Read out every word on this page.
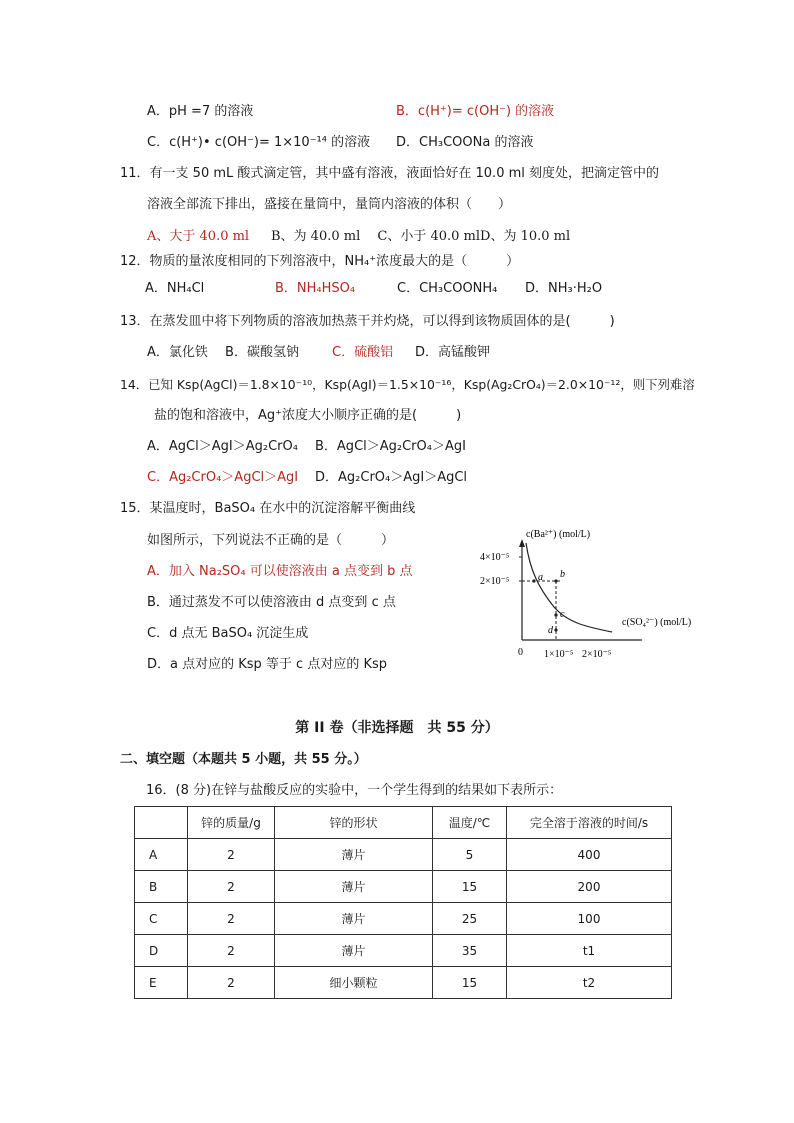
A．pH =7 的溶液	B．c(H⁺)= c(OH⁻) 的溶液
C．c(H⁺)• c(OH⁻)= 1×10⁻¹⁴ 的溶液 D．CH₃COONa 的溶液
11．有一支 50 mL 酸式滴定管，其中盛有溶液，液面恰好在 10.0 ml 刻度处，把滴定管中的
溶液全部流下排出，盛接在量筒中，量筒内溶液的体积（　　）
A、大于 40.0 ml B、为 40.0 ml　 C、小于 40.0 mlD、为 10.0 ml
12．物质的量浓度相同的下列溶液中，NH₄⁺浓度最大的是（　　　）
A．NH₄Cl	B．NH₄HSO₄	C．CH₃COONH₄ D．NH₃·H₂O
13．在蒸发皿中将下列物质的溶液加热蒸干并灼烧，可以得到该物质固体的是(　　　)
A．氯化铁　 B．碳酸氢钠	C．硫酸铝 D．高锰酸钾
14．已知 Ksp(AgCl)＝1.8×10⁻¹⁰，Ksp(AgI)＝1.5×10⁻¹⁶，Ksp(Ag₂CrO₄)＝2.0×10⁻¹²，则下列难溶
盐的饱和溶液中，Ag⁺浓度大小顺序正确的是(　　　)
A．AgCl＞AgI＞Ag₂CrO₄ B．AgCl＞Ag₂CrO₄＞AgI
C．Ag₂CrO₄＞AgCl＞AgI D．Ag₂CrO₄＞AgI＞AgCl
15．某温度时，BaSO₄ 在水中的沉淀溶解平衡曲线
如图所示，下列说法不正确的是（　　　）
A．加入 Na₂SO₄ 可以使溶液由 a 点变到 b 点
B．通过蒸发不可以使溶液由 d 点变到 c 点
C．d 点无 BaSO₄ 沉淀生成
D．a 点对应的 Ksp 等于 c 点对应的 Ksp
c(Ba²⁺) (mol/L)
4×10⁻⁵
2×10⁻⁵	a b
c
d
c(SO₄²⁻) (mol/L)
0 1×10⁻⁵ 2×10⁻⁵
第 II 卷（非选择题　共 55 分）
二、填空题（本题共 5 小题，共 55 分。）
16．(8 分)在锌与盐酸反应的实验中，一个学生得到的结果如下表所示：
	锌的质量/g	锌的形状	温度/℃	完全溶于溶液的时间/s
A	2	薄片	5	400
B	2	薄片	15	200
C	2	薄片	25	100
D	2	薄片	35	t1
E	2	细小颗粒	15	t2
